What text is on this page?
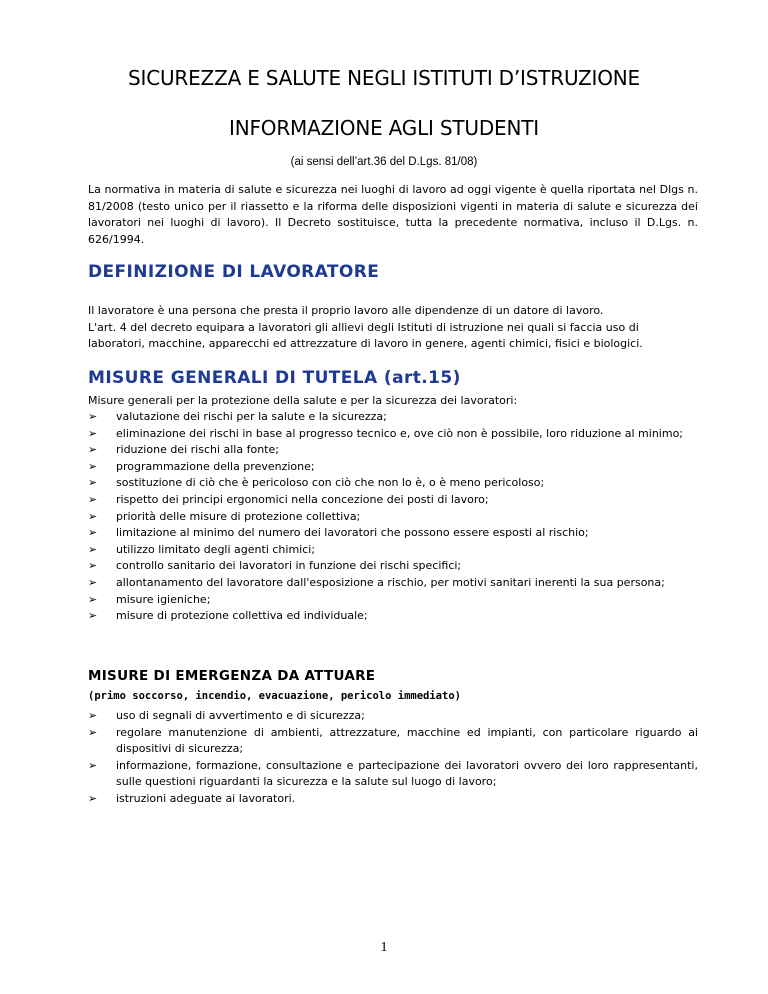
SICUREZZA E SALUTE NEGLI ISTITUTI D’ISTRUZIONE
INFORMAZIONE AGLI STUDENTI
(ai sensi dell’art.36 del D.Lgs. 81/08)
La normativa in materia di salute e sicurezza nei luoghi di lavoro ad oggi vigente è quella riportata nel Dlgs n. 81/2008 (testo unico per il riassetto e la riforma delle disposizioni vigenti in materia di salute e sicurezza dei lavoratori nei luoghi di lavoro). Il Decreto sostituisce, tutta la precedente normativa, incluso il D.Lgs. n. 626/1994.
DEFINIZIONE DI LAVORATORE

Il lavoratore è una persona che presta il proprio lavoro alle dipendenze di un datore di lavoro.

L'art. 4 del decreto equipara a lavoratori gli allievi degli Istituti di istruzione nei quali si faccia uso di laboratori, macchine, apparecchi ed attrezzature di lavoro in genere, agenti chimici, fisici e biologici.

MISURE GENERALI DI TUTELA (art.15)
Misure generali per la protezione della salute e per la sicurezza dei lavoratori:
➢ valutazione dei rischi per la salute e la sicurezza;
➢ eliminazione dei rischi in base al progresso tecnico e, ove ciò non è possibile, loro riduzione al minimo;
➢ riduzione dei rischi alla fonte;
➢ programmazione della prevenzione;
➢ sostituzione di ciò che è pericoloso con ciò che non lo è, o è meno pericoloso;
➢ rispetto dei principi ergonomici nella concezione dei posti di lavoro;
➢ priorità delle misure di protezione collettiva;
➢ limitazione al minimo del numero dei lavoratori che possono essere esposti al rischio;
➢ utilizzo limitato degli agenti chimici;
➢ controllo sanitario dei lavoratori in funzione dei rischi specifici;
➢ allontanamento del lavoratore dall'esposizione a rischio, per motivi sanitari inerenti la sua persona;
➢ misure igieniche;
➢ misure di protezione collettiva ed individuale;
MISURE DI EMERGENZA DA ATTUARE
(primo soccorso, incendio, evacuazione, pericolo immediato)
➢ uso di segnali di avvertimento e di sicurezza;
➢ regolare manutenzione di ambienti, attrezzature, macchine ed impianti, con particolare riguardo ai dispositivi di sicurezza;
➢ informazione, formazione, consultazione e partecipazione dei lavoratori ovvero dei loro rappresentanti, sulle questioni riguardanti la sicurezza e la salute sul luogo di lavoro;
➢ istruzioni adeguate ai lavoratori.
1
